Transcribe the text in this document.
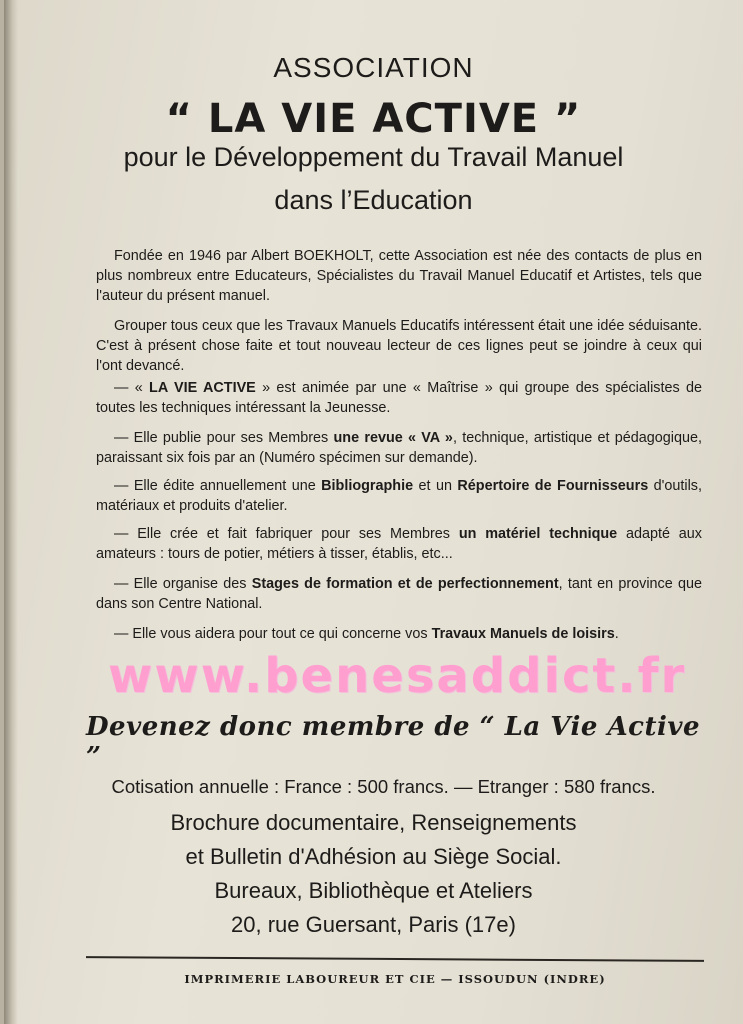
ASSOCIATION
“ LA VIE ACTIVE ”
pour le Développement du Travail Manuel
dans l’Education
Fondée en 1946 par Albert BOEKHOLT, cette Association est née des contacts de plus en plus nombreux entre Educateurs, Spécialistes du Travail Manuel Educatif et Artistes, tels que l'auteur du présent manuel.
Grouper tous ceux que les Travaux Manuels Educatifs intéressent était une idée séduisante. C'est à présent chose faite et tout nouveau lecteur de ces lignes peut se joindre à ceux qui l'ont devancé.
— « LA VIE ACTIVE » est animée par une « Maîtrise » qui groupe des spécialistes de toutes les techniques intéressant la Jeunesse.
— Elle publie pour ses Membres une revue « VA », technique, artistique et pédagogique, paraissant six fois par an (Numéro spécimen sur demande).
— Elle édite annuellement une Bibliographie et un Répertoire de Fournisseurs d'outils, matériaux et produits d'atelier.
— Elle crée et fait fabriquer pour ses Membres un matériel technique adapté aux amateurs : tours de potier, métiers à tisser, établis, etc...
— Elle organise des Stages de formation et de perfectionnement, tant en province que dans son Centre National.
— Elle vous aidera pour tout ce qui concerne vos Travaux Manuels de loisirs.
www.benesaddict.fr
Devenez donc membre de “ La Vie Active ”
Cotisation annuelle : France : 500 francs. — Etranger : 580 francs.
Brochure documentaire, Renseignements
et Bulletin d'Adhésion au Siège Social.
Bureaux, Bibliothèque et Ateliers
20, rue Guersant, Paris (17e)
IMPRIMERIE LABOUREUR ET CIE — ISSOUDUN (INDRE)
